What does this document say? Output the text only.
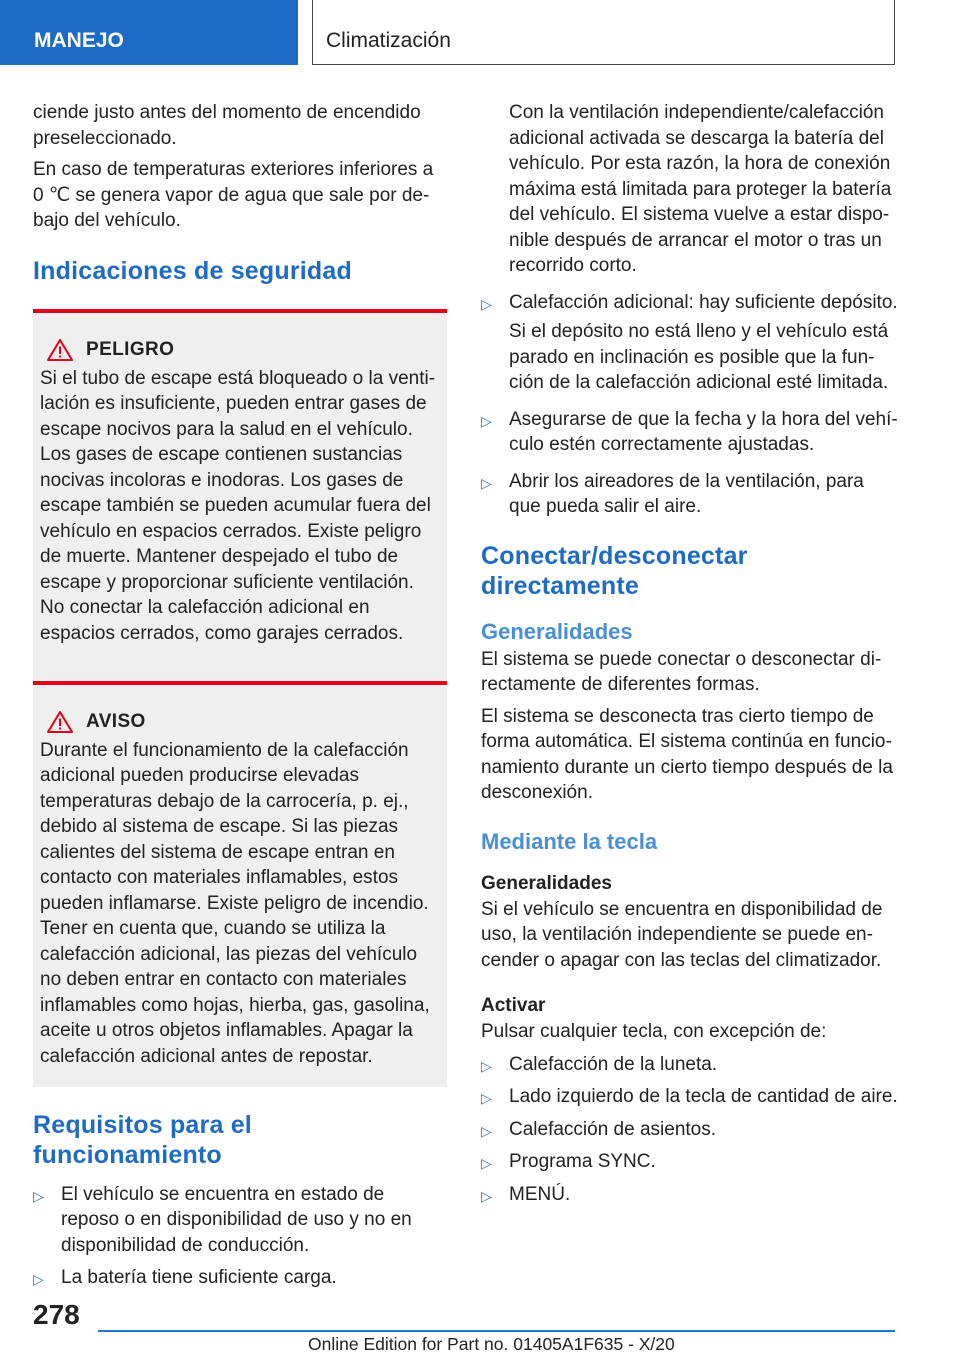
MANEJO	Climatización

ciende justo antes del momento de encendido preseleccionado.

En caso de temperaturas exteriores inferiores a 0 ℃ se genera vapor de agua que sale por debajo del vehículo.

Indicaciones de seguridad
PELIGRO

Si el tubo de escape está bloqueado o la ventilación es insuficiente, pueden entrar gases de escape nocivos para la salud en el vehículo. Los gases de escape contienen sustancias nocivas incoloras e inodoras. Los gases de escape también se pueden acumular fuera del vehículo en espacios cerrados. Existe peligro de muerte. Mantener despejado el tubo de escape y proporcionar suficiente ventilación. No conectar la calefacción adicional en espacios cerrados, como garajes cerrados.

AVISO

Durante el funcionamiento de la calefacción adicional pueden producirse elevadas temperaturas debajo de la carrocería, p. ej., debido al sistema de escape. Si las piezas calientes del sistema de escape entran en contacto con materiales inflamables, estos pueden inflamarse. Existe peligro de incendio. Tener en cuenta que, cuando se utiliza la calefacción adicional, las piezas del vehículo no deben entrar en contacto con materiales inflamables como hojas, hierba, gas, gasolina, aceite u otros objetos inflamables. Apagar la calefacción adicional antes de repostar.

Requisitos para el funcionamiento
▷ El vehículo se encuentra en estado de reposo o en disponibilidad de uso y no en disponibilidad de conducción.
▷ La batería tiene suficiente carga.

Con la ventilación independiente/calefacción adicional activada se descarga la batería del vehículo. Por esta razón, la hora de conexión máxima está limitada para proteger la batería del vehículo. El sistema vuelve a estar disponible después de arrancar el motor o tras un recorrido corto.

▷ Calefacción adicional: hay suficiente depósito.

Si el depósito no está lleno y el vehículo está parado en inclinación es posible que la función de la calefacción adicional esté limitada.

▷ Asegurarse de que la fecha y la hora del vehículo estén correctamente ajustadas.
▷ Abrir los aireadores de la ventilación, para que pueda salir el aire.
Conectar/desconectar directamente
Generalidades

El sistema se puede conectar o desconectar directamente de diferentes formas.

El sistema se desconecta tras cierto tiempo de forma automática. El sistema continúa en funcionamiento durante un cierto tiempo después de la desconexión.

Mediante la tecla
Generalidades

Si el vehículo se encuentra en disponibilidad de uso, la ventilación independiente se puede encender o apagar con las teclas del climatizador.

Activar

Pulsar cualquier tecla, con excepción de:

▷ Calefacción de la luneta.
▷ Lado izquierdo de la tecla de cantidad de aire.
▷ Calefacción de asientos.
▷ Programa SYNC.
▷ MENÚ.
278
Online Edition for Part no. 01405A1F635 - X/20
